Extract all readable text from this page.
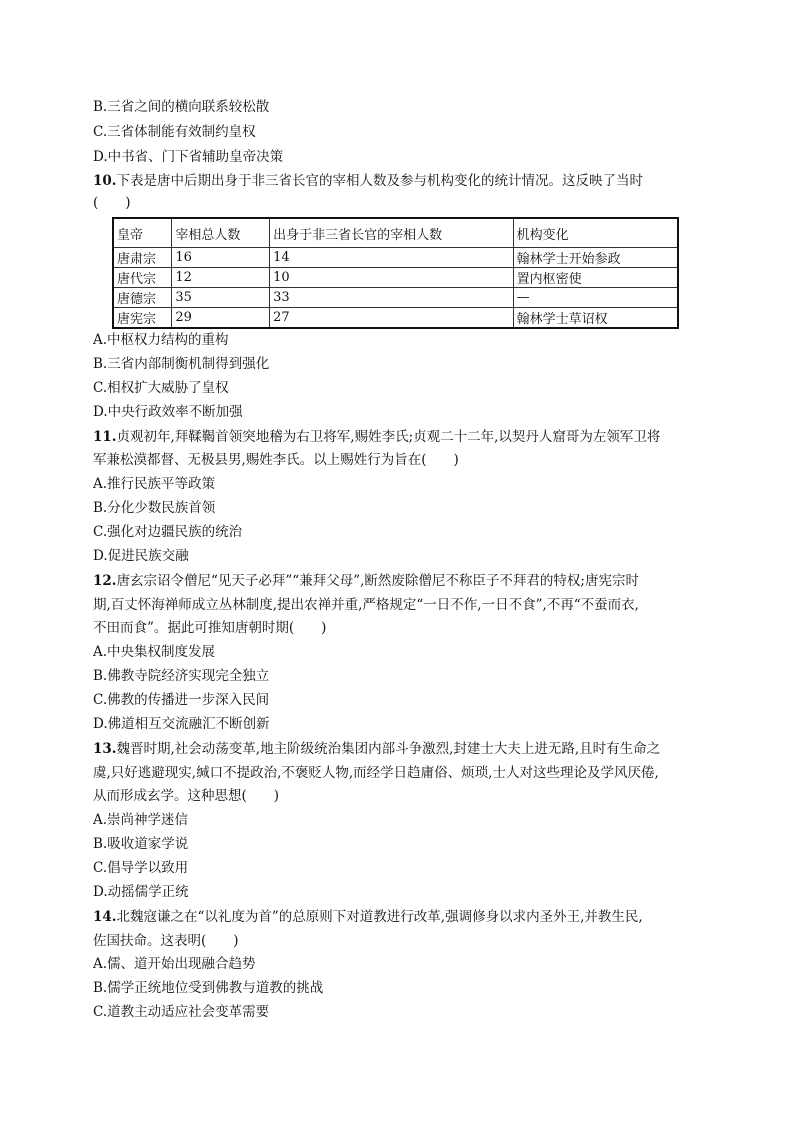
B.三省之间的横向联系较松散
C.三省体制能有效制约皇权
D.中书省、门下省辅助皇帝决策
10.下表是唐中后期出身于非三省长官的宰相人数及参与机构变化的统计情况。这反映了当时
(　　)
皇帝	宰相总人数	出身于非三省长官的宰相人数	机构变化
唐肃宗	16	14	翰林学士开始参政
唐代宗	12	10	置内枢密使
唐德宗	35	33	—
唐宪宗	29	27	翰林学士草诏权
A.中枢权力结构的重构
B.三省内部制衡机制得到强化
C.相权扩大威胁了皇权
D.中央行政效率不断加强
11.贞观初年,拜鞣鞨首领突地稽为右卫将军,赐姓李氏;贞观二十二年,以契丹人窟哥为左领军卫将
军兼松漠都督、无极县男,赐姓李氏。以上赐姓行为旨在(　　)
A.推行民族平等政策
B.分化少数民族首领
C.强化对边疆民族的统治
D.促进民族交融
12.唐玄宗诏令僧尼“见天子必拜”“兼拜父母”,断然废除僧尼不称臣子不拜君的特权;唐宪宗时
期,百丈怀海禅师成立丛林制度,提出农禅并重,严格规定“一日不作,一日不食”,不再“不蚕而衣,
不田而食”。据此可推知唐朝时期(　　)
A.中央集权制度发展
B.佛教寺院经济实现完全独立
C.佛教的传播进一步深入民间
D.佛道相互交流融汇不断创新
13.魏晋时期,社会动荡变革,地主阶级统治集团内部斗争激烈,封建士大夫上进无路,且时有生命之
虞,只好逃避现实,缄口不提政治,不褒贬人物,而经学日趋庸俗、烦琐,士人对这些理论及学风厌倦,
从而形成玄学。这种思想(　　)
A.崇尚神学迷信
B.吸收道家学说
C.倡导学以致用
D.动摇儒学正统
14.北魏寇谦之在“以礼度为首”的总原则下对道教进行改革,强调修身以求内圣外王,并教生民,
佐国扶命。这表明(　　)
A.儒、道开始出现融合趋势
B.儒学正统地位受到佛教与道教的挑战
C.道教主动适应社会变革需要
